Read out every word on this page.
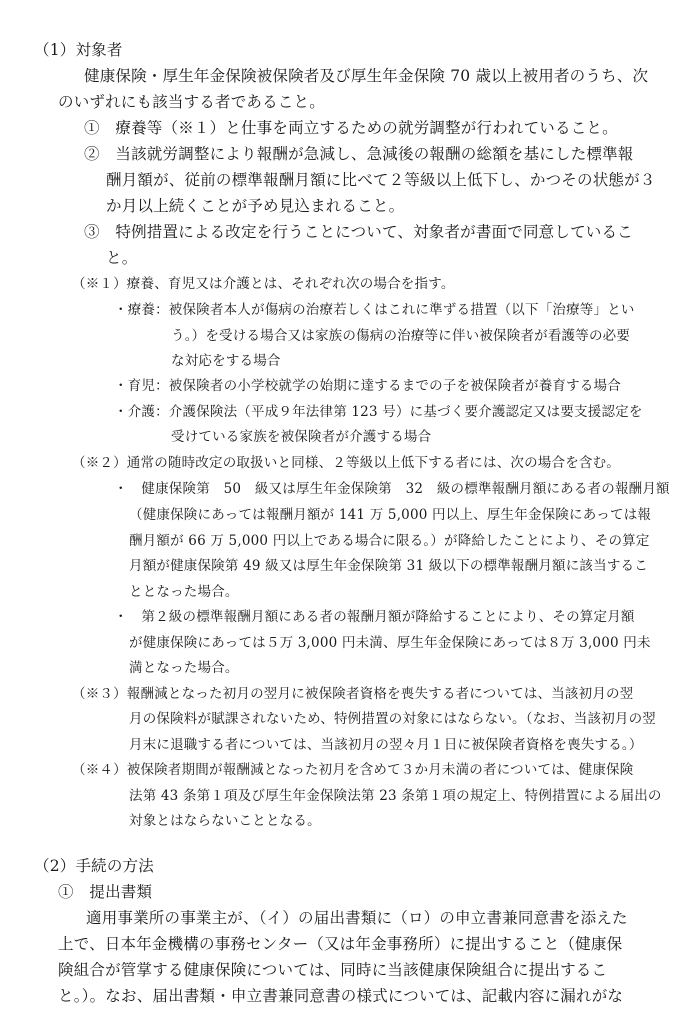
（1）対象者
健康保険・厚生年金保険被保険者及び厚生年金保険 70 歳以上被用者のうち、次
のいずれにも該当する者であること。
①　療養等（※１）と仕事を両立するための就労調整が行われていること。
②　当該就労調整により報酬が急減し、急減後の報酬の総額を基にした標準報
酬月額が、従前の標準報酬月額に比べて２等級以上低下し、かつその状態が３
か月以上続くことが予め見込まれること。
③　特例措置による改定を行うことについて、対象者が書面で同意しているこ
と。
（※１）療養、育児又は介護とは、それぞれ次の場合を指す。
・療養：被保険者本人が傷病の治療若しくはこれに準ずる措置（以下「治療等」とい
う。）を受ける場合又は家族の傷病の治療等に伴い被保険者が看護等の必要
な対応をする場合
・育児：被保険者の小学校就学の始期に達するまでの子を被保険者が養育する場合
・介護：介護保険法（平成９年法律第 123 号）に基づく要介護認定又は要支援認定を
受けている家族を被保険者が介護する場合
（※２）通常の随時改定の取扱いと同様、２等級以上低下する者には、次の場合を含む。
・　健康保険第　50　級又は厚生年金保険第　32　級の標準報酬月額にある者の報酬月額
（健康保険にあっては報酬月額が 141 万 5,000 円以上、厚生年金保険にあっては報
酬月額が 66 万 5,000 円以上である場合に限る。）が降給したことにより、その算定
月額が健康保険第 49 級又は厚生年金保険第 31 級以下の標準報酬月額に該当するこ
ととなった場合。
・　第２級の標準報酬月額にある者の報酬月額が降給することにより、その算定月額
が健康保険にあっては５万 3,000 円未満、厚生年金保険にあっては８万 3,000 円未
満となった場合。
（※３）報酬減となった初月の翌月に被保険者資格を喪失する者については、当該初月の翌
月の保険料が賦課されないため、特例措置の対象にはならない。（なお、当該初月の翌
月末に退職する者については、当該初月の翌々月１日に被保険者資格を喪失する。）
（※４）被保険者期間が報酬減となった初月を含めて３か月未満の者については、健康保険
法第 43 条第１項及び厚生年金保険法第 23 条第１項の規定上、特例措置による届出の
対象とはならないこととなる。
（2）手続の方法
①　提出書類
適用事業所の事業主が、（イ）の届出書類に（ロ）の申立書兼同意書を添えた
上で、日本年金機構の事務センター（又は年金事務所）に提出すること（健康保
険組合が管掌する健康保険については、同時に当該健康保険組合に提出するこ
と。）。なお、届出書類・申立書兼同意書の様式については、記載内容に漏れがな
